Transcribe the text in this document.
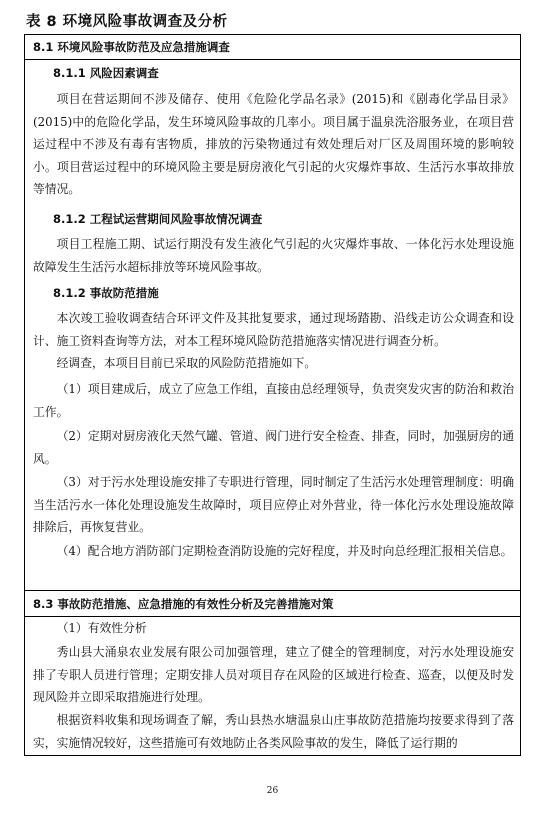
表 8 环境风险事故调查及分析
8.1 环境风险事故防范及应急措施调查
8.1.1 风险因素调查

项目在营运期间不涉及储存、使用《危险化学品名录》(2015)和《剧毒化学品目录》(2015)中的危险化学品，发生环境风险事故的几率小。项目属于温泉洗浴服务业，在项目营运过程中不涉及有毒有害物质，排放的污染物通过有效处理后对厂区及周围环境的影响较小。项目营运过程中的环境风险主要是厨房液化气引起的火灾爆炸事故、生活污水事故排放等情况。

8.1.2 工程试运营期间风险事故情况调查

项目工程施工期、试运行期没有发生液化气引起的火灾爆炸事故、一体化污水处理设施故障发生生活污水超标排放等环境风险事故。

8.1.2 事故防范措施

本次竣工验收调查结合环评文件及其批复要求，通过现场踏勘、沿线走访公众调查和设计、施工资料查询等方法，对本工程环境风险防范措施落实情况进行调查分析。

经调查，本项目目前已采取的风险防范措施如下。

（1）项目建成后，成立了应急工作组，直接由总经理领导，负责突发灾害的防治和救治工作。

（2）定期对厨房液化天然气罐、管道、阀门进行安全检查、排查，同时，加强厨房的通风。

（3）对于污水处理设施安排了专职进行管理，同时制定了生活污水处理管理制度：明确当生活污水一体化处理设施发生故障时，项目应停止对外营业，待一体化污水处理设施故障排除后，再恢复营业。

（4）配合地方消防部门定期检查消防设施的完好程度，并及时向总经理汇报相关信息。

8.3 事故防范措施、应急措施的有效性分析及完善措施对策

（1）有效性分析

秀山县大涌泉农业发展有限公司加强管理，建立了健全的管理制度，对污水处理设施安排了专职人员进行管理；定期安排人员对项目存在风险的区域进行检查、巡查，以便及时发现风险并立即采取措施进行处理。

根据资料收集和现场调查了解，秀山县热水塘温泉山庄事故防范措施均按要求得到了落实，实施情况较好，这些措施可有效地防止各类风险事故的发生，降低了运行期的

26
